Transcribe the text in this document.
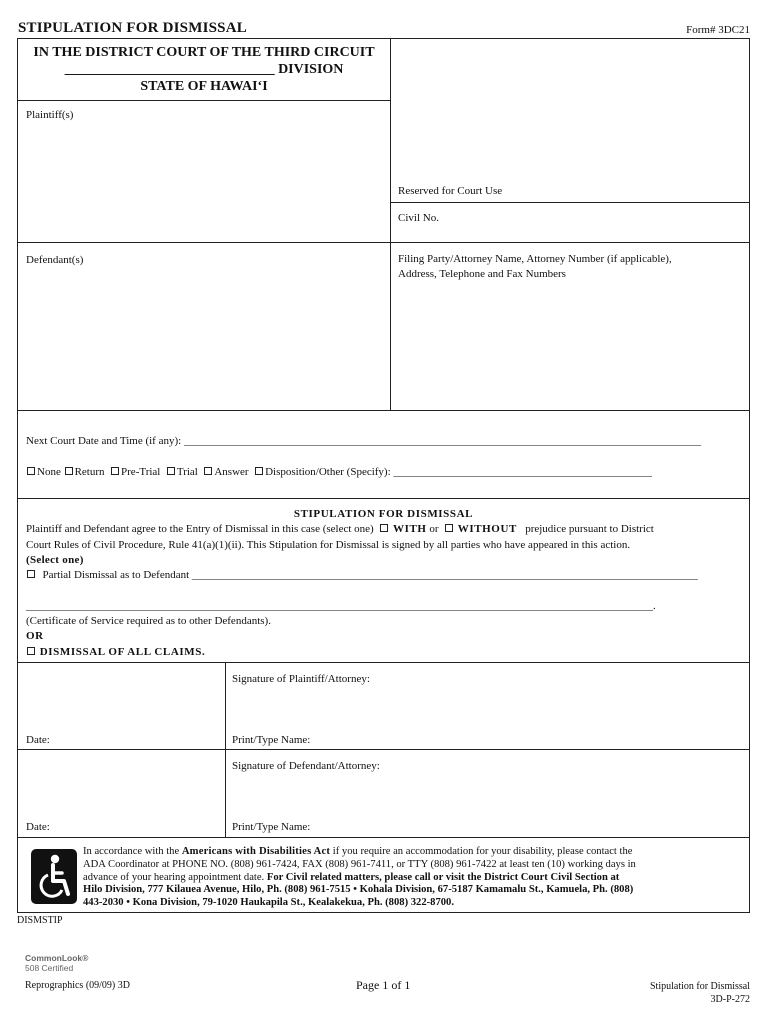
STIPULATION FOR DISMISSAL	Form# 3DC21
IN THE DISTRICT COURT OF THE THIRD CIRCUIT
______________________________ DIVISION
STATE OF HAWAI‘I
Plaintiff(s)
Defendant(s)
Reserved for Court Use
Civil No.
Filing Party/Attorney Name, Attorney Number (if applicable),
Address, Telephone and Fax Numbers
Next Court Date and Time (if any): ______________________________________________________________________________________________
None Return Pre-Trial Trial Answer Disposition/Other (Specify): _______________________________________________
STIPULATION FOR DISMISSAL
Plaintiff and Defendant agree to the Entry of Dismissal in this case (select one) WITH or WITHOUT prejudice pursuant to District
Court Rules of Civil Procedure, Rule 41(a)(1)(ii). This Stipulation for Dismissal is signed by all parties who have appeared in this action.
(Select one)
Partial Dismissal as to Defendant ____________________________________________________________________________________________
__________________________________________________________________________________________________________________.
(Certificate of Service required as to other Defendants).
OR
DISMISSAL OF ALL CLAIMS.
Signature of Plaintiff/Attorney:
Date:	Print/Type Name:
Signature of Defendant/Attorney:
Date:	Print/Type Name:
In accordance with the Americans with Disabilities Act if you require an accommodation for your disability, please contact the
ADA Coordinator at PHONE NO. (808) 961-7424, FAX (808) 961-7411, or TTY (808) 961-7422 at least ten (10) working days in
advance of your hearing appointment date. For Civil related matters, please call or visit the District Court Civil Section at
Hilo Division, 777 Kilauea Avenue, Hilo, Ph. (808) 961-7515 • Kohala Division, 67-5187 Kamamalu St., Kamuela, Ph. (808)
443-2030 • Kona Division, 79-1020 Haukapila St., Kealakekua, Ph. (808) 322-8700.
DISMSTIP
CommonLook®
508 Certified
Reprographics (09/09) 3D	Page 1 of 1	Stipulation for Dismissal
3D-P-272
